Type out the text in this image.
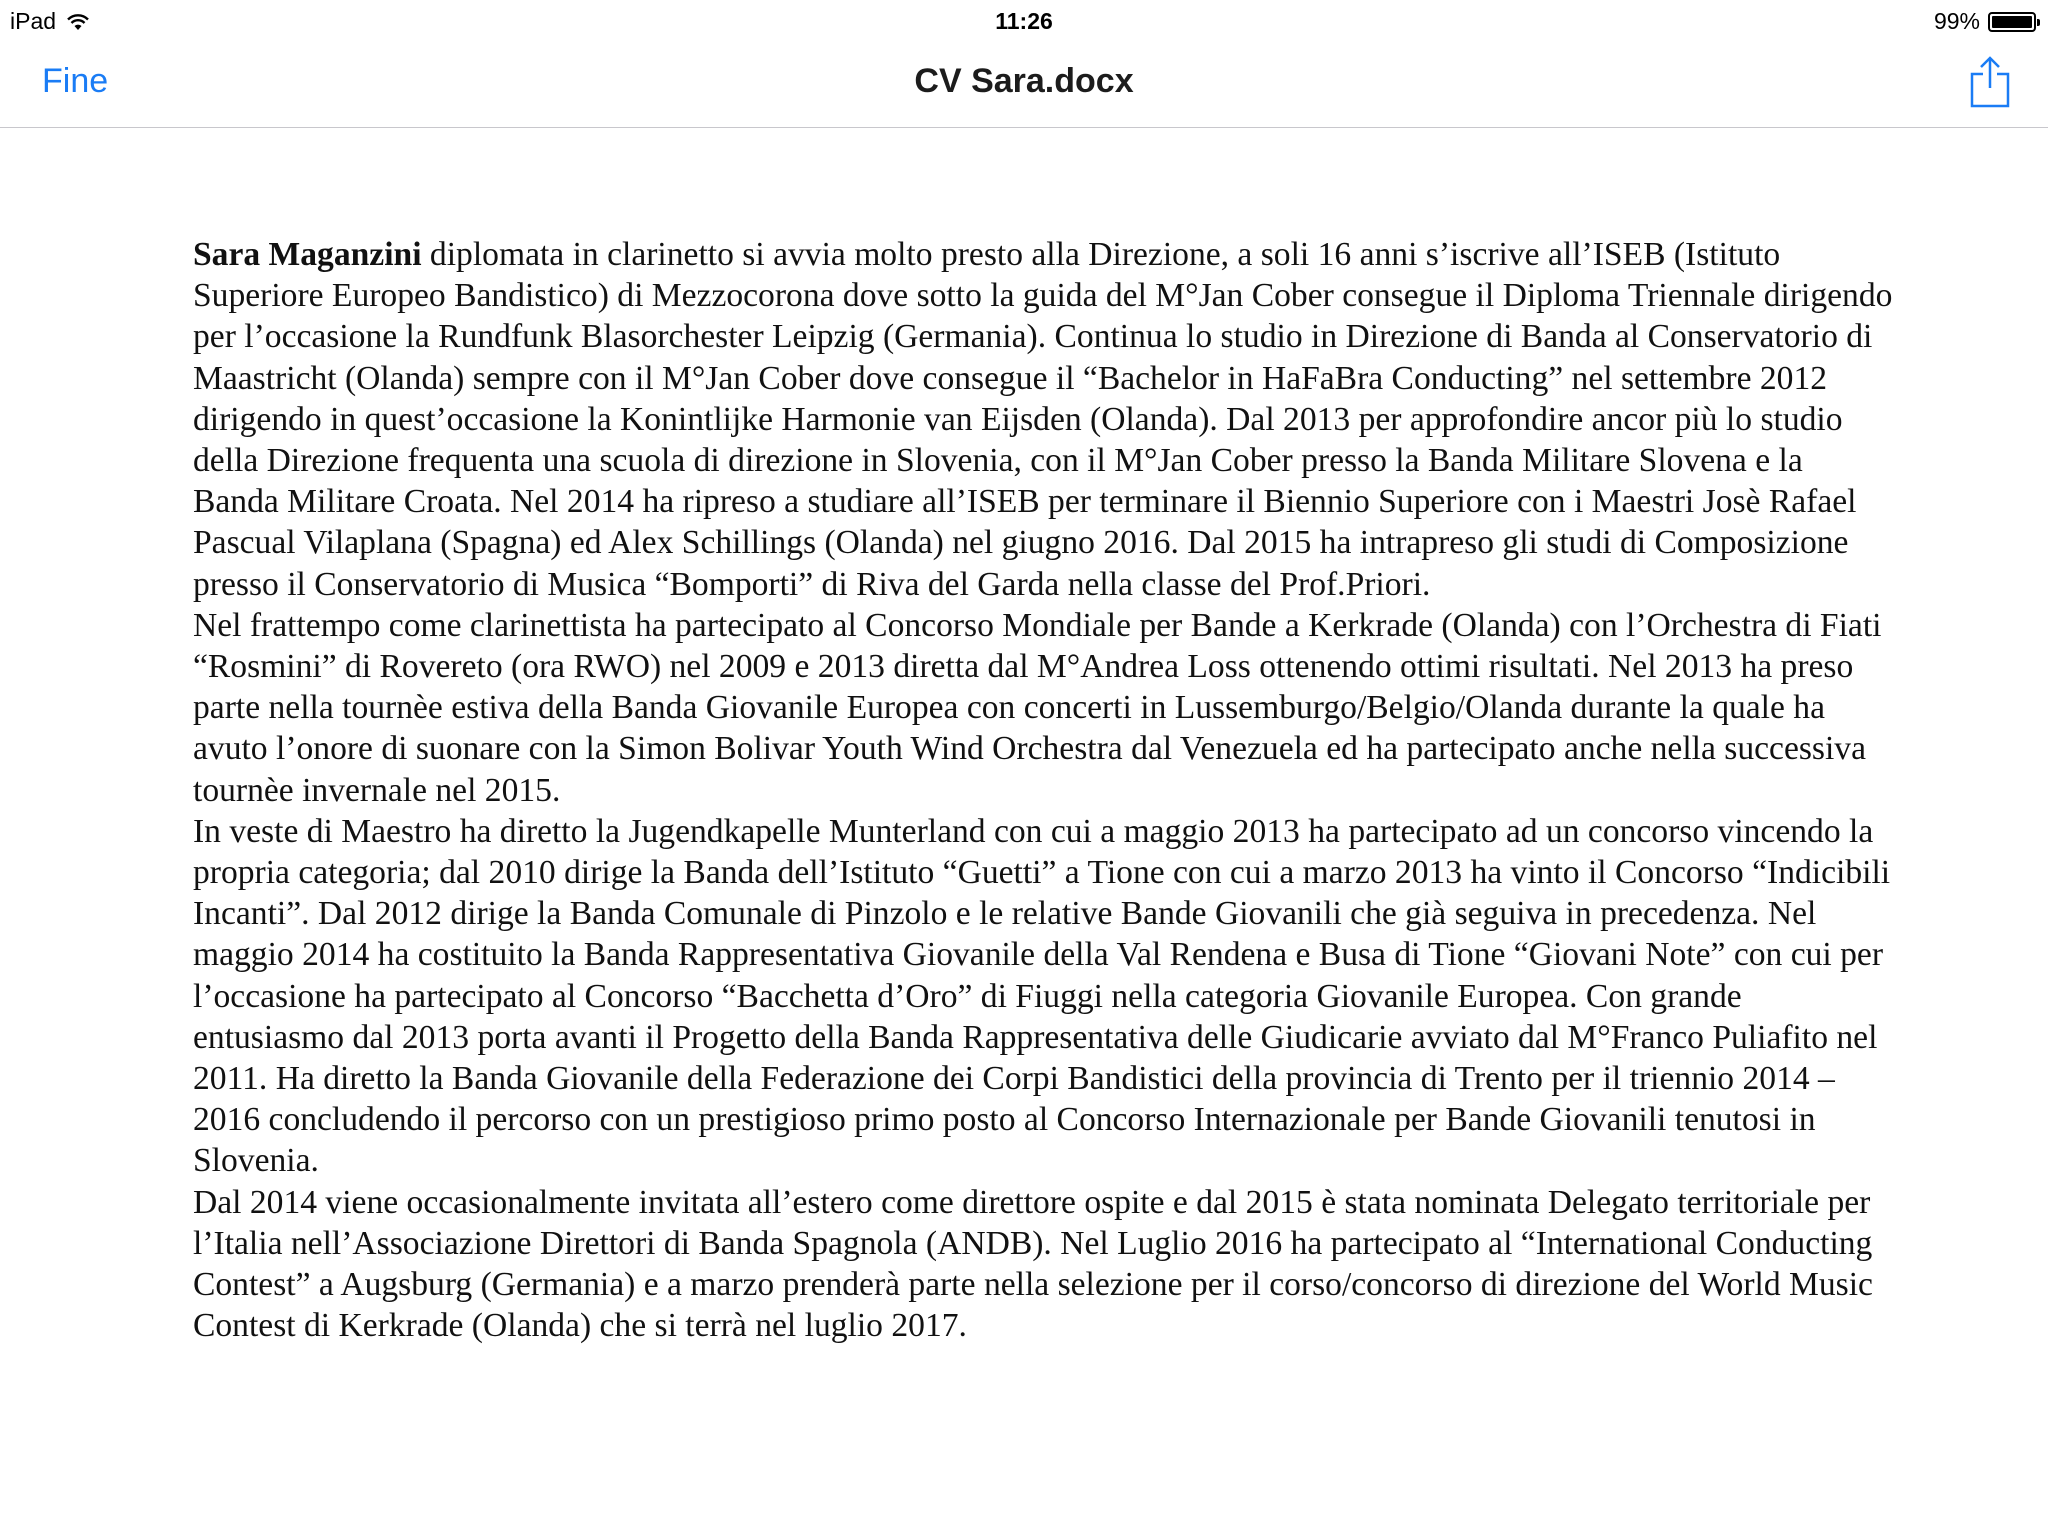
iPad	11:26	99%
Fine	CV Sara.docx

Sara Maganzini diplomata in clarinetto si avvia molto presto alla Direzione, a soli 16 anni s’iscrive all’ISEB (Istituto Superiore Europeo Bandistico) di Mezzocorona dove sotto la guida del M°Jan Cober consegue il Diploma Triennale dirigendo per l’occasione la Rundfunk Blasorchester Leipzig (Germania). Continua lo studio in Direzione di Banda al Conservatorio di Maastricht (Olanda) sempre con il M°Jan Cober dove consegue il “Bachelor in HaFaBra Conducting” nel settembre 2012 dirigendo in quest’occasione la Konintlijke Harmonie van Eijsden (Olanda). Dal 2013 per approfondire ancor più lo studio della Direzione frequenta una scuola di direzione in Slovenia, con il M°Jan Cober presso la Banda Militare Slovena e la Banda Militare Croata. Nel 2014 ha ripreso a studiare all’ISEB per terminare il Biennio Superiore con i Maestri Josè Rafael Pascual Vilaplana (Spagna) ed Alex Schillings (Olanda) nel giugno 2016. Dal 2015 ha intrapreso gli studi di Composizione presso il Conservatorio di Musica “Bomporti” di Riva del Garda nella classe del Prof.Priori.

Nel frattempo come clarinettista ha partecipato al Concorso Mondiale per Bande a Kerkrade (Olanda) con l’Orchestra di Fiati “Rosmini” di Rovereto (ora RWO) nel 2009 e 2013 diretta dal M°Andrea Loss ottenendo ottimi risultati. Nel 2013 ha preso parte nella tournèe estiva della Banda Giovanile Europea con concerti in Lussemburgo/Belgio/Olanda durante la quale ha avuto l’onore di suonare con la Simon Bolivar Youth Wind Orchestra dal Venezuela ed ha partecipato anche nella successiva tournèe invernale nel 2015.

In veste di Maestro ha diretto la Jugendkapelle Munterland con cui a maggio 2013 ha partecipato ad un concorso vincendo la propria categoria; dal 2010 dirige la Banda dell’Istituto “Guetti” a Tione con cui a marzo 2013 ha vinto il Concorso “Indicibili Incanti”. Dal 2012 dirige la Banda Comunale di Pinzolo e le relative Bande Giovanili che già seguiva in precedenza. Nel maggio 2014 ha costituito la Banda Rappresentativa Giovanile della Val Rendena e Busa di Tione “Giovani Note” con cui per l’occasione ha partecipato al Concorso “Bacchetta d’Oro” di Fiuggi nella categoria Giovanile Europea. Con grande entusiasmo dal 2013 porta avanti il Progetto della Banda Rappresentativa delle Giudicarie avviato dal M°Franco Puliafito nel 2011. Ha diretto la Banda Giovanile della Federazione dei Corpi Bandistici della provincia di Trento per il triennio 2014 – 2016 concludendo il percorso con un prestigioso primo posto al Concorso Internazionale per Bande Giovanili tenutosi in Slovenia.

Dal 2014 viene occasionalmente invitata all’estero come direttore ospite e dal 2015 è stata nominata Delegato territoriale per l’Italia nell’Associazione Direttori di Banda Spagnola (ANDB). Nel Luglio 2016 ha partecipato al “International Conducting Contest” a Augsburg (Germania) e a marzo prenderà parte nella selezione per il corso/concorso di direzione del World Music Contest di Kerkrade (Olanda) che si terrà nel luglio 2017.
